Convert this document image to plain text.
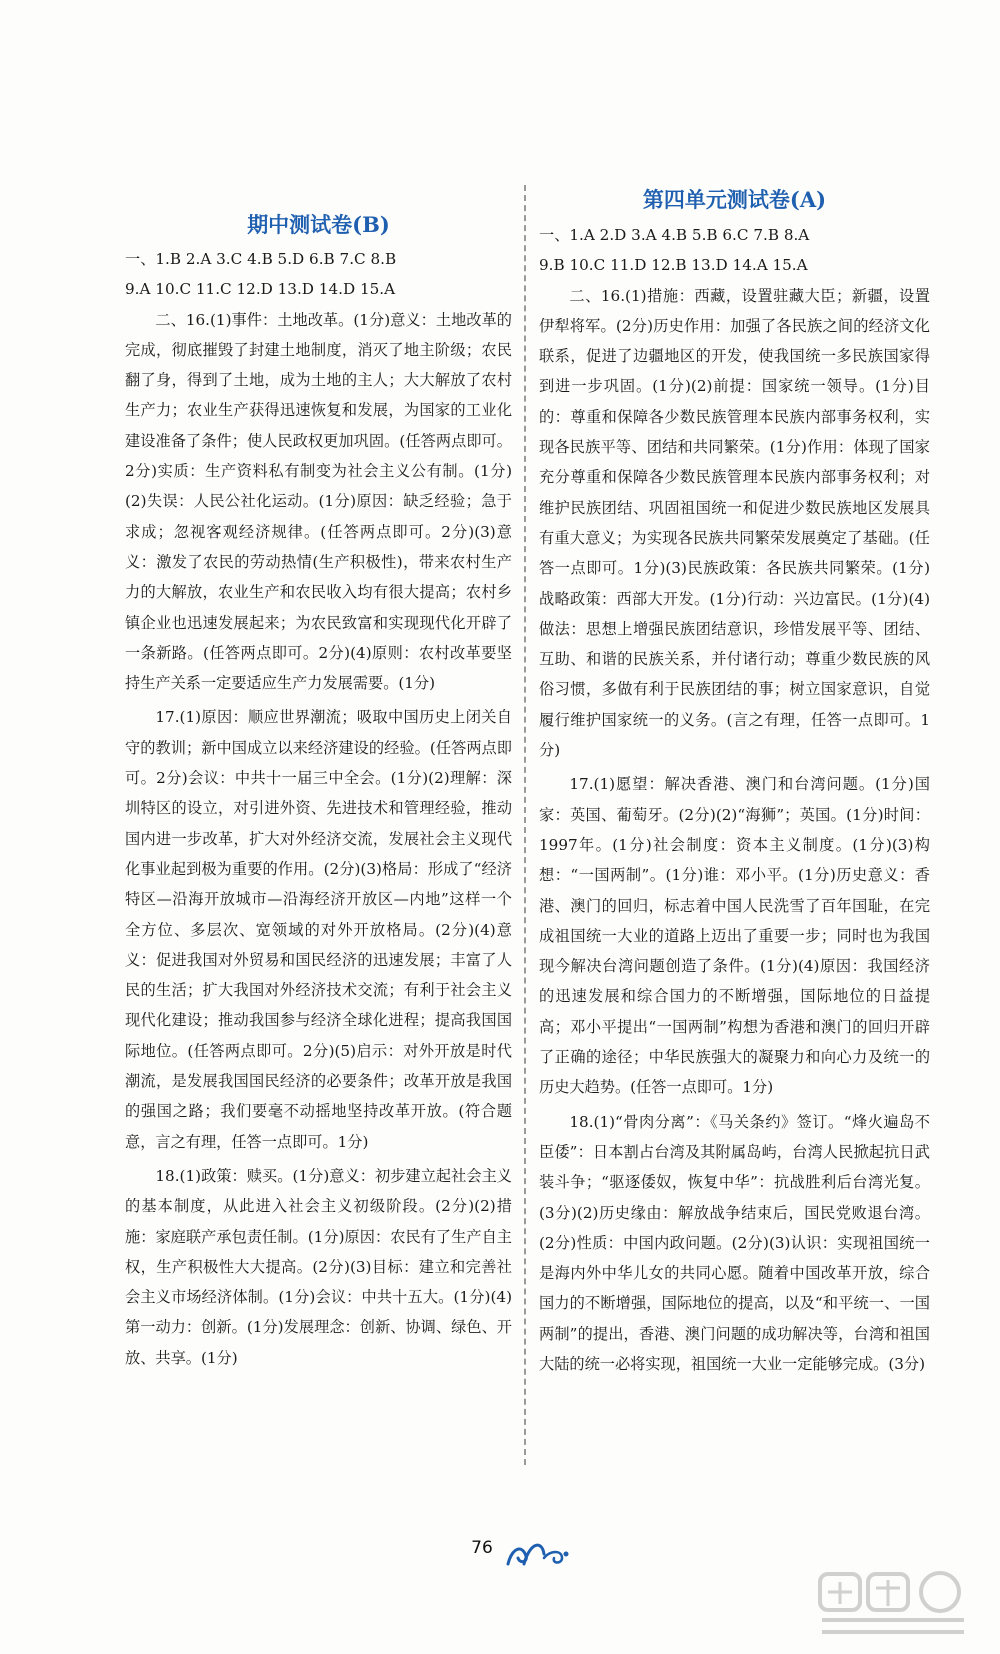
期中测试卷(B)

一、1.B 2.A 3.C 4.B 5.D 6.B 7.C 8.B

9.A 10.C 11.C 12.D 13.D 14.D 15.A

二、16.(1)事件：土地改革。(1分)意义：土地改革的完成，彻底摧毁了封建土地制度，消灭了地主阶级；农民翻了身，得到了土地，成为土地的主人；大大解放了农村生产力；农业生产获得迅速恢复和发展，为国家的工业化建设准备了条件；使人民政权更加巩固。(任答两点即可。2分)实质：生产资料私有制变为社会主义公有制。(1分)(2)失误：人民公社化运动。(1分)原因：缺乏经验；急于求成；忽视客观经济规律。(任答两点即可。2分)(3)意义：激发了农民的劳动热情(生产积极性)，带来农村生产力的大解放，农业生产和农民收入均有很大提高；农村乡镇企业也迅速发展起来；为农民致富和实现现代化开辟了一条新路。(任答两点即可。2分)(4)原则：农村改革要坚持生产关系一定要适应生产力发展需要。(1分)

17.(1)原因：顺应世界潮流；吸取中国历史上闭关自守的教训；新中国成立以来经济建设的经验。(任答两点即可。2分)会议：中共十一届三中全会。(1分)(2)理解：深圳特区的设立，对引进外资、先进技术和管理经验，推动国内进一步改革，扩大对外经济交流，发展社会主义现代化事业起到极为重要的作用。(2分)(3)格局：形成了“经济特区—沿海开放城市—沿海经济开放区—内地”这样一个全方位、多层次、宽领域的对外开放格局。(2分)(4)意义：促进我国对外贸易和国民经济的迅速发展；丰富了人民的生活；扩大我国对外经济技术交流；有利于社会主义现代化建设；推动我国参与经济全球化进程；提高我国国际地位。(任答两点即可。2分)(5)启示：对外开放是时代潮流，是发展我国国民经济的必要条件；改革开放是我国的强国之路；我们要毫不动摇地坚持改革开放。(符合题意，言之有理，任答一点即可。1分)

18.(1)政策：赎买。(1分)意义：初步建立起社会主义的基本制度，从此进入社会主义初级阶段。(2分)(2)措施：家庭联产承包责任制。(1分)原因：农民有了生产自主权，生产积极性大大提高。(2分)(3)目标：建立和完善社会主义市场经济体制。(1分)会议：中共十五大。(1分)(4)第一动力：创新。(1分)发展理念：创新、协调、绿色、开放、共享。(1分)

第四单元测试卷(A)

一、1.A 2.D 3.A 4.B 5.B 6.C 7.B 8.A

9.B 10.C 11.D 12.B 13.D 14.A 15.A

二、16.(1)措施：西藏，设置驻藏大臣；新疆，设置伊犁将军。(2分)历史作用：加强了各民族之间的经济文化联系，促进了边疆地区的开发，使我国统一多民族国家得到进一步巩固。(1分)(2)前提：国家统一领导。(1分)目的：尊重和保障各少数民族管理本民族内部事务权利，实现各民族平等、团结和共同繁荣。(1分)作用：体现了国家充分尊重和保障各少数民族管理本民族内部事务权利；对维护民族团结、巩固祖国统一和促进少数民族地区发展具有重大意义；为实现各民族共同繁荣发展奠定了基础。(任答一点即可。1分)(3)民族政策：各民族共同繁荣。(1分)战略政策：西部大开发。(1分)行动：兴边富民。(1分)(4)做法：思想上增强民族团结意识，珍惜发展平等、团结、互助、和谐的民族关系，并付诸行动；尊重少数民族的风俗习惯，多做有利于民族团结的事；树立国家意识，自觉履行维护国家统一的义务。(言之有理，任答一点即可。1分)

17.(1)愿望：解决香港、澳门和台湾问题。(1分)国家：英国、葡萄牙。(2分)(2)“海狮”；英国。(1分)时间：1997年。(1分)社会制度：资本主义制度。(1分)(3)构想：“一国两制”。(1分)谁：邓小平。(1分)历史意义：香港、澳门的回归，标志着中国人民洗雪了百年国耻，在完成祖国统一大业的道路上迈出了重要一步；同时也为我国现今解决台湾问题创造了条件。(1分)(4)原因：我国经济的迅速发展和综合国力的不断增强，国际地位的日益提高；邓小平提出“一国两制”构想为香港和澳门的回归开辟了正确的途径；中华民族强大的凝聚力和向心力及统一的历史大趋势。(任答一点即可。1分)

18.(1)“骨肉分离”：《马关条约》签订。“烽火遍岛不臣倭”：日本割占台湾及其附属岛屿，台湾人民掀起抗日武装斗争；“驱逐倭奴，恢复中华”：抗战胜利后台湾光复。(3分)(2)历史缘由：解放战争结束后，国民党败退台湾。(2分)性质：中国内政问题。(2分)(3)认识：实现祖国统一是海内外中华儿女的共同心愿。随着中国改革开放，综合国力的不断增强，国际地位的提高，以及“和平统一、一国两制”的提出，香港、澳门问题的成功解决等，台湾和祖国大陆的统一必将实现，祖国统一大业一定能够完成。(3分)

76
